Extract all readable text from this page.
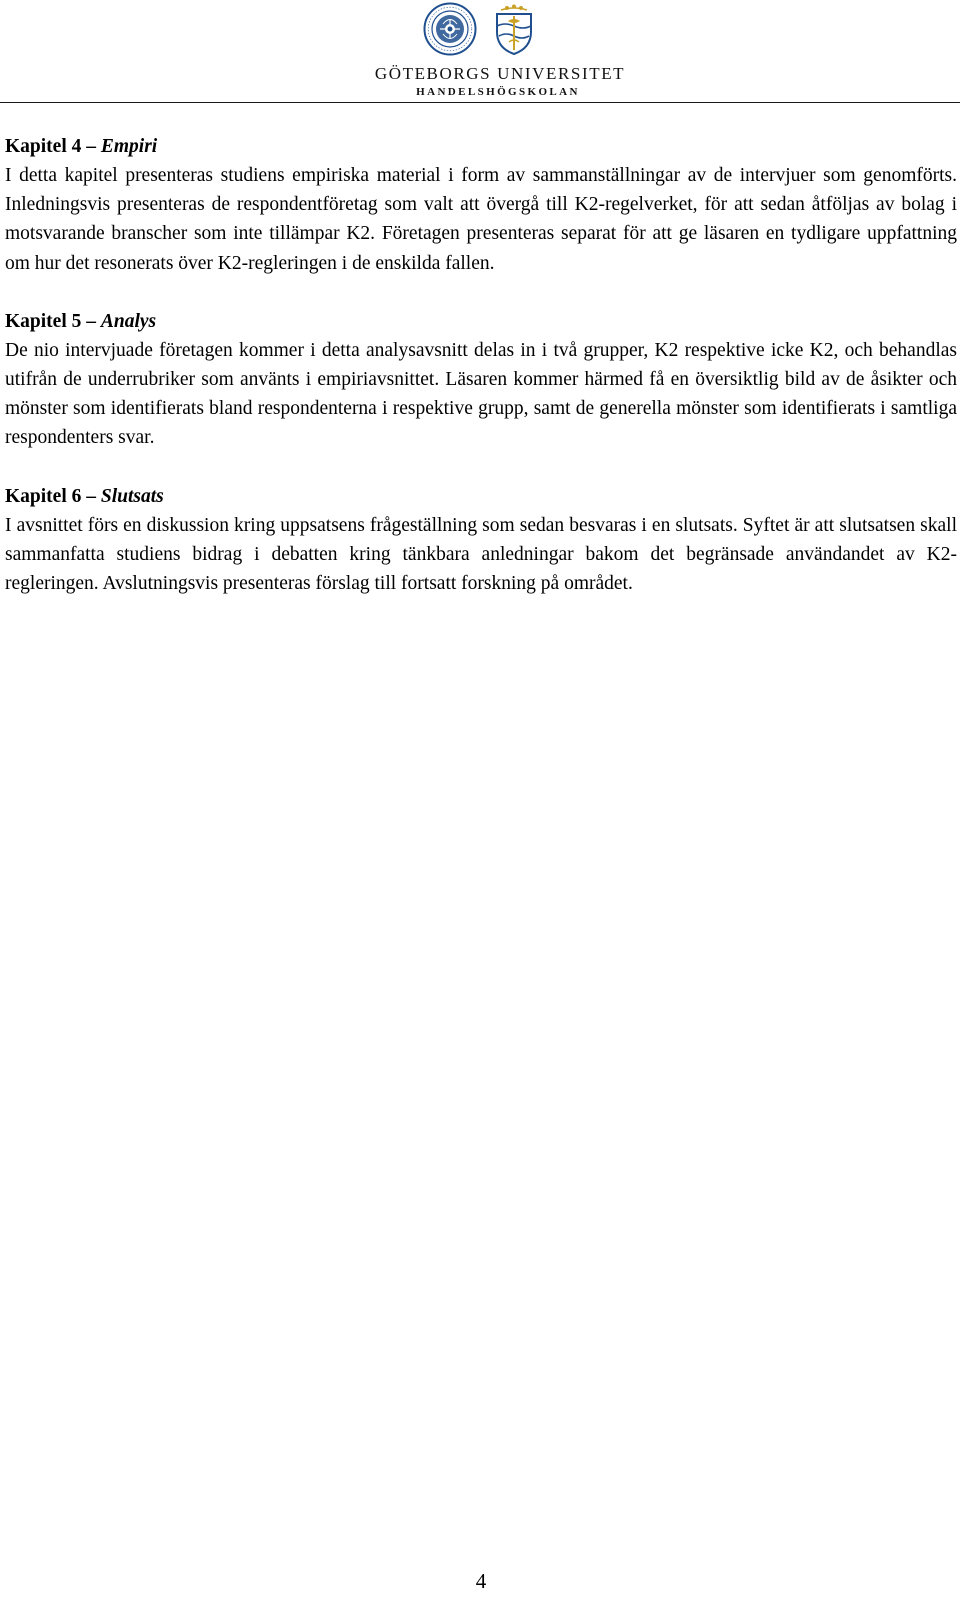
GÖTEBORGS UNIVERSITET
HANDELSHÖGSKOLAN
Kapitel 4 – Empiri

I detta kapitel presenteras studiens empiriska material i form av sammanställningar av de intervjuer som genomförts. Inledningsvis presenteras de respondentföretag som valt att övergå till K2-regelverket, för att sedan åtföljas av bolag i motsvarande branscher som inte tillämpar K2. Företagen presenteras separat för att ge läsaren en tydligare uppfattning om hur det resonerats över K2-regleringen i de enskilda fallen.

Kapitel 5 – Analys

De nio intervjuade företagen kommer i detta analysavsnitt delas in i två grupper, K2 respektive icke K2, och behandlas utifrån de underrubriker som använts i empiriavsnittet. Läsaren kommer härmed få en översiktlig bild av de åsikter och mönster som identifierats bland respondenterna i respektive grupp, samt de generella mönster som identifierats i samtliga respondenters svar.

Kapitel 6 – Slutsats

I avsnittet förs en diskussion kring uppsatsens frågeställning som sedan besvaras i en slutsats. Syftet är att slutsatsen skall sammanfatta studiens bidrag i debatten kring tänkbara anledningar bakom det begränsade användandet av K2-regleringen. Avslutningsvis presenteras förslag till fortsatt forskning på området.

4
